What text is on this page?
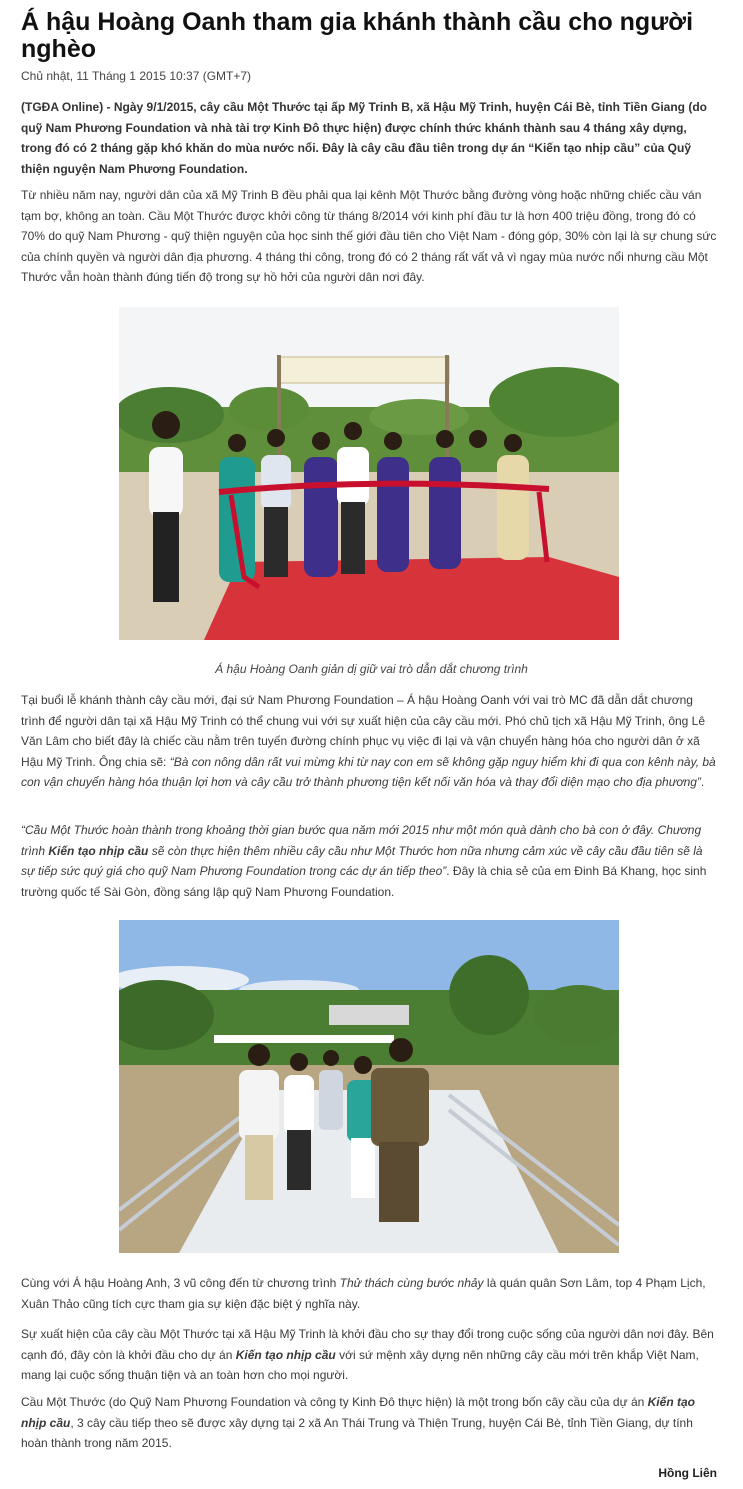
Á hậu Hoàng Oanh tham gia khánh thành cầu cho người nghèo
Chủ nhật, 11 Tháng 1 2015 10:37 (GMT+7)

(TGĐA Online) - Ngày 9/1/2015, cây cầu Một Thước tại ấp Mỹ Trinh B, xã Hậu Mỹ Trinh, huyện Cái Bè, tỉnh Tiền Giang (do quỹ Nam Phương Foundation và nhà tài trợ Kinh Đô thực hiện) được chính thức khánh thành sau 4 tháng xây dựng, trong đó có 2 tháng gặp khó khăn do mùa nước nổi. Đây là cây cầu đầu tiên trong dự án “Kiến tạo nhịp cầu” của Quỹ thiện nguyện Nam Phương Foundation.

Từ nhiều năm nay, người dân của xã Mỹ Trinh B đều phải qua lại kênh Một Thước bằng đường vòng hoặc những chiếc cầu ván tạm bợ, không an toàn. Cầu Một Thước được khởi công từ tháng 8/2014 với kinh phí đầu tư là hơn 400 triệu đồng, trong đó có 70% do quỹ Nam Phương - quỹ thiện nguyện của học sinh thế giới đầu tiên cho Việt Nam - đóng góp, 30% còn lại là sự chung sức của chính quyền và người dân địa phương. 4 tháng thi công, trong đó có 2 tháng rất vất vả vì ngay mùa nước nổi nhưng cầu Một Thước vẫn hoàn thành đúng tiến độ trong sự hồ hởi của người dân nơi đây.

Á hậu Hoàng Oanh giản dị giữ vai trò dẫn dắt chương trình

Tại buổi lễ khánh thành cây cầu mới, đại sứ Nam Phương Foundation – Á hậu Hoàng Oanh với vai trò MC đã dẫn dắt chương trình để người dân tại xã Hậu Mỹ Trinh có thể chung vui với sự xuất hiện của cây cầu mới. Phó chủ tịch xã Hậu Mỹ Trinh, ông Lê Văn Lâm cho biết đây là chiếc cầu nằm trên tuyến đường chính phục vụ việc đi lại và vận chuyển hàng hóa cho người dân ở xã Hậu Mỹ Trinh. Ông chia sẽ: “Bà con nông dân rất vui mừng khi từ nay con em sẽ không gặp nguy hiểm khi đi qua con kênh này, bà con vận chuyển hàng hóa thuận lợi hơn và cây cầu trở thành phương tiện kết nối văn hóa và thay đổi diện mạo cho địa phương”.

“Cầu Một Thước hoàn thành trong khoảng thời gian bước qua năm mới 2015 như một món quà dành cho bà con ở đây. Chương trình Kiến tạo nhịp cầu sẽ còn thực hiện thêm nhiều cây cầu như Một Thước hơn nữa nhưng cảm xúc về cây cầu đầu tiên sẽ là sự tiếp sức quý giá cho quỹ Nam Phương Foundation trong các dự án tiếp theo”. Đây là chia sẻ của em Đinh Bá Khang, học sinh trường quốc tế Sài Gòn, đồng sáng lập quỹ Nam Phương Foundation.

Cùng với Á hậu Hoàng Anh, 3 vũ công đến từ chương trình Thử thách cùng bước nhảy là quán quân Sơn Lâm, top 4 Phạm Lịch, Xuân Thảo cũng tích cực tham gia sự kiện đặc biệt ý nghĩa này.

Sự xuất hiện của cây cầu Một Thước tại xã Hậu Mỹ Trinh là khởi đầu cho sự thay đổi trong cuộc sống của người dân nơi đây. Bên cạnh đó, đây còn là khởi đầu cho dự án Kiến tạo nhịp cầu với sứ mệnh xây dựng nên những cây cầu mới trên khắp Việt Nam, mang lại cuộc sống thuận tiện và an toàn hơn cho mọi người.

Cầu Một Thước (do Quỹ Nam Phương Foundation và công ty Kinh Đô thực hiện) là một trong bốn cây cầu của dự án Kiến tạo nhịp cầu, 3 cây cầu tiếp theo sẽ được xây dựng tại 2 xã An Thái Trung và Thiện Trung, huyện Cái Bè, tỉnh Tiền Giang, dự tính hoàn thành trong năm 2015.

Hồng Liên
